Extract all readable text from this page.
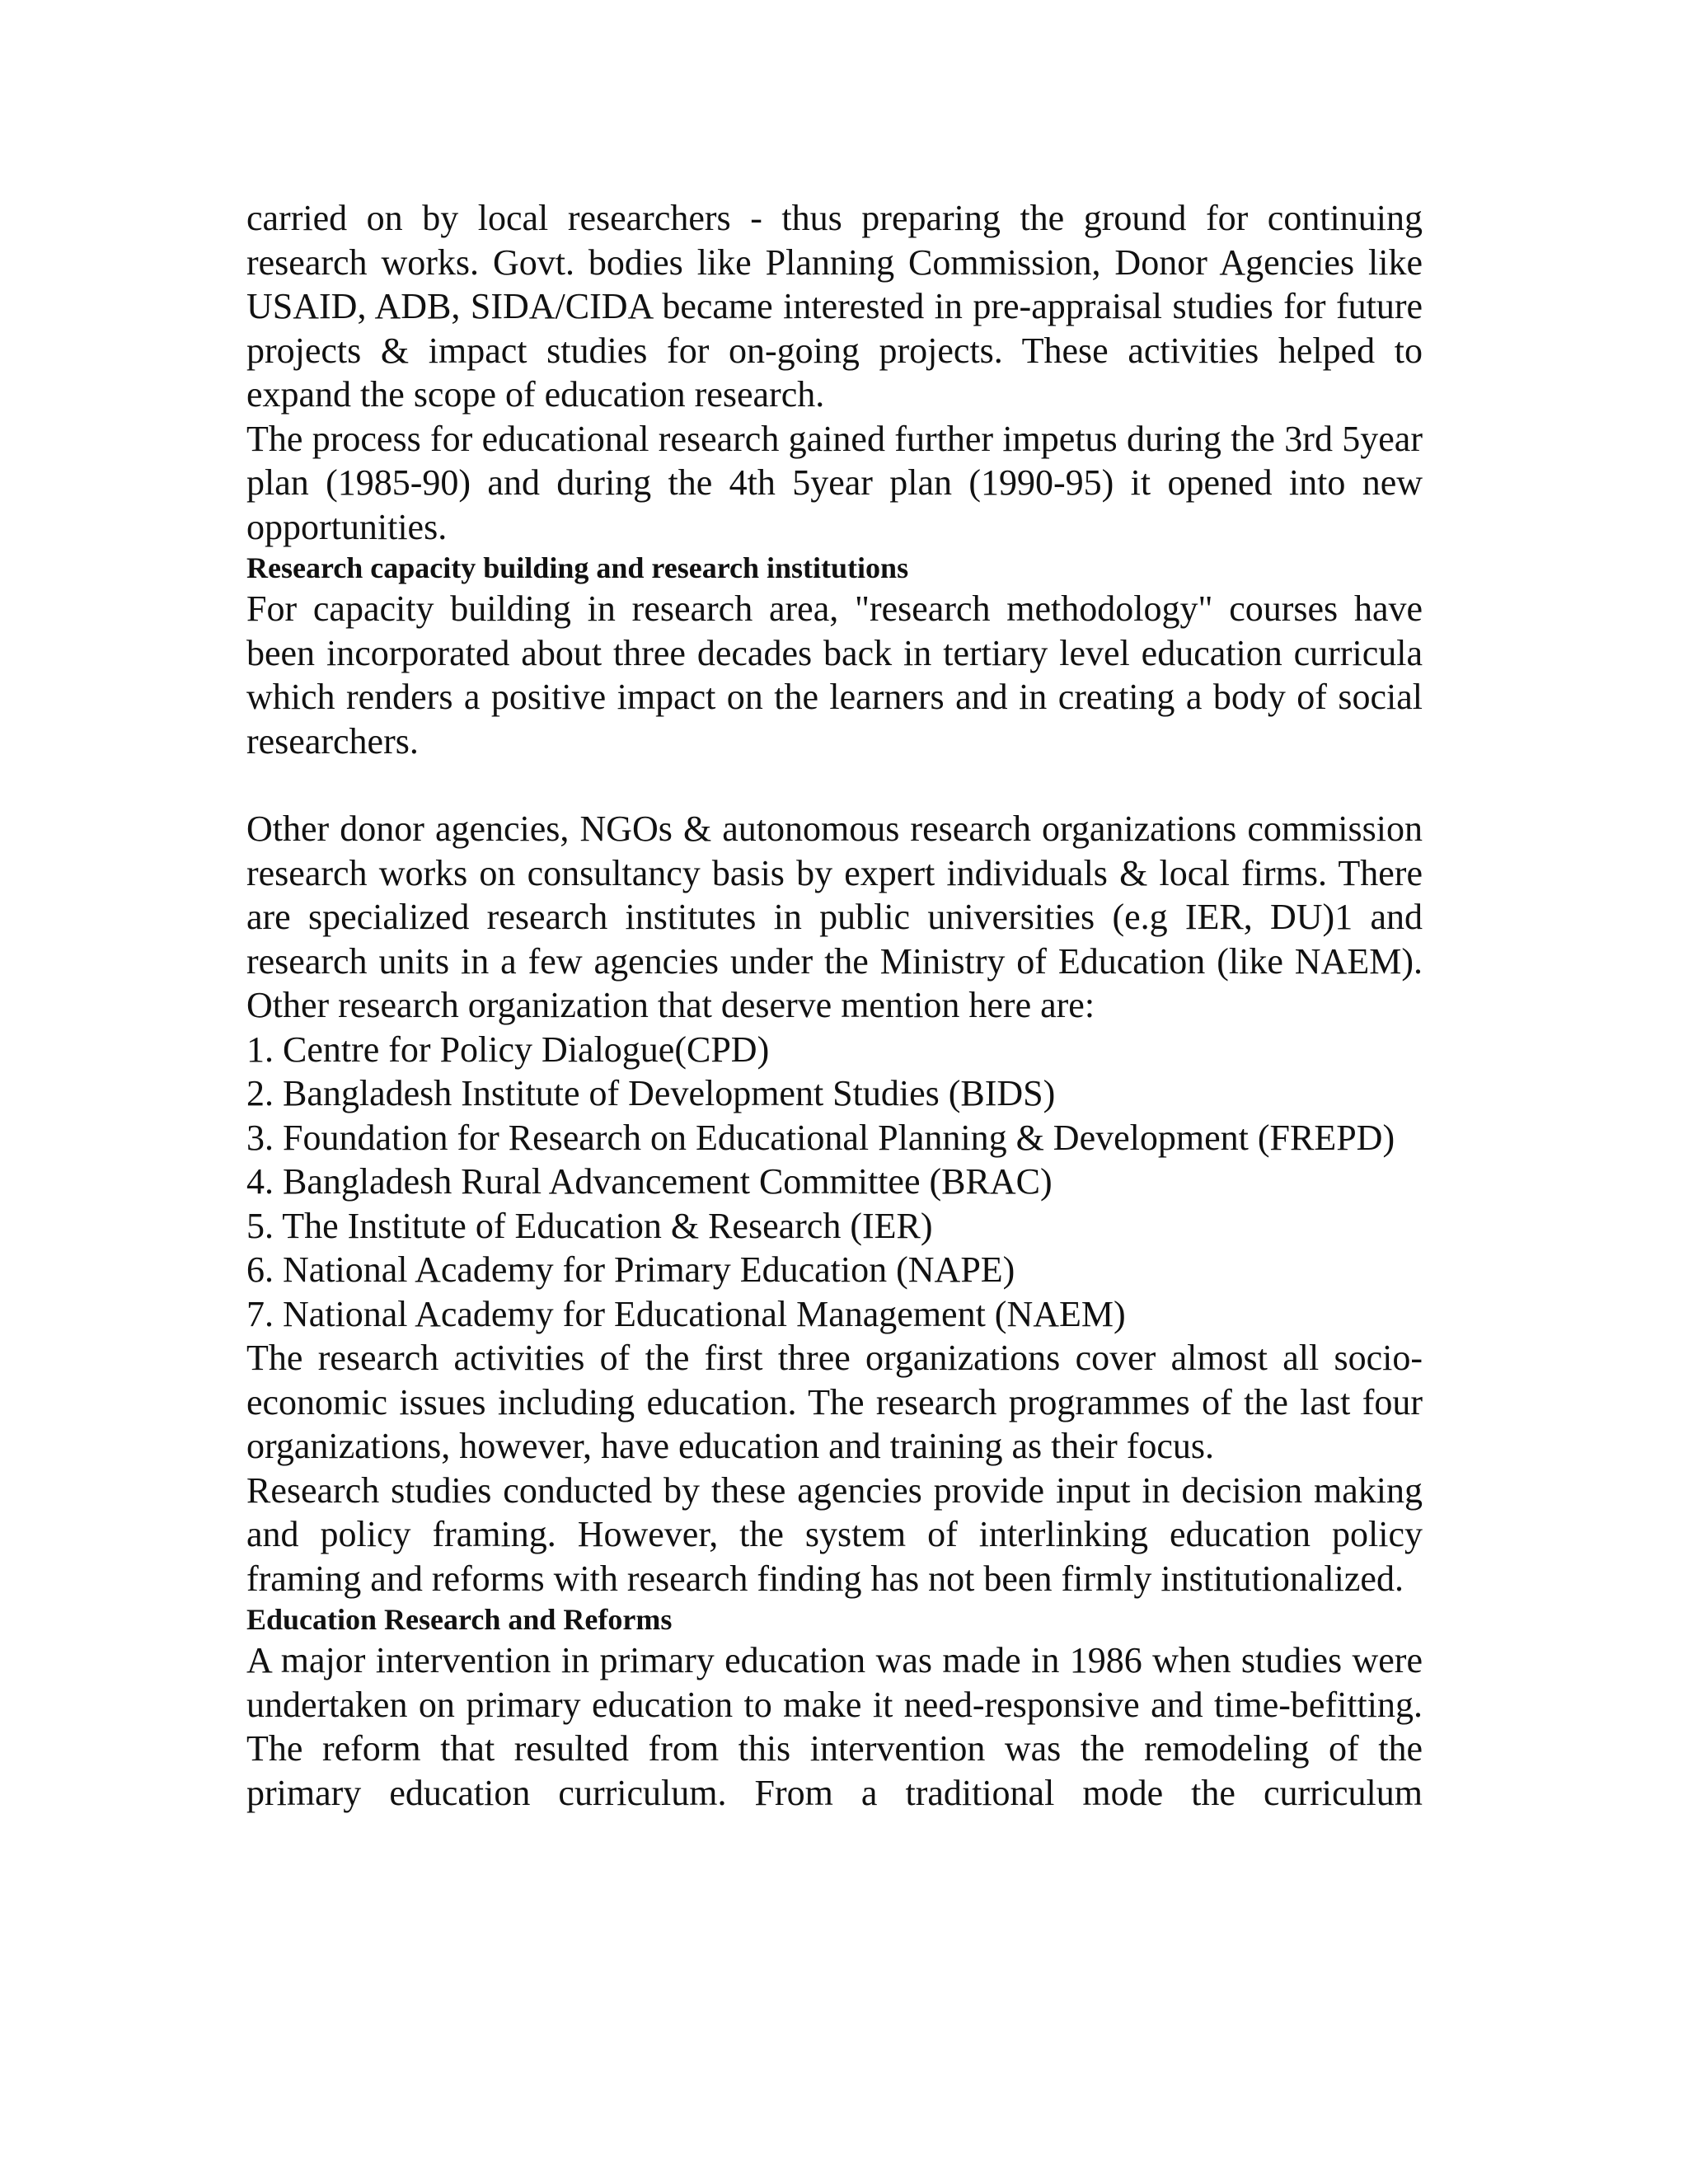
carried on by local researchers - thus preparing the ground for continuing research works. Govt. bodies like Planning Commission, Donor Agencies like USAID, ADB, SIDA/CIDA became interested in pre-appraisal studies for future projects & impact studies for on-going projects. These activities helped to expand the scope of education research.

The process for educational research gained further impetus during the 3rd 5year plan (1985-90) and during the 4th 5year plan (1990-95) it opened into new opportunities.

Research capacity building and research institutions

For capacity building in research area, "research methodology" courses have been incorporated about three decades back in tertiary level education curricula which renders a positive impact on the learners and in creating a body of social researchers.

Other donor agencies, NGOs & autonomous research organizations commission research works on consultancy basis by expert individuals & local firms. There are specialized research institutes in public universities (e.g IER, DU)1 and research units in a few agencies under the Ministry of Education (like NAEM). Other research organization that deserve mention here are:

1. Centre for Policy Dialogue(CPD)
2. Bangladesh Institute of Development Studies (BIDS)
3. Foundation for Research on Educational Planning & Development (FREPD)
4. Bangladesh Rural Advancement Committee (BRAC)
5. The Institute of Education & Research (IER)
6. National Academy for Primary Education (NAPE)
7. National Academy for Educational Management (NAEM)

The research activities of the first three organizations cover almost all socio-economic issues including education. The research programmes of the last four organizations, however, have education and training as their focus.

Research studies conducted by these agencies provide input in decision making and policy framing. However, the system of interlinking education policy framing and reforms with research finding has not been firmly institutionalized.

Education Research and Reforms

A major intervention in primary education was made in 1986 when studies were undertaken on primary education to make it need-responsive and time-befitting. The reform that resulted from this intervention was the remodeling of the primary education curriculum. From a traditional mode the curriculum
